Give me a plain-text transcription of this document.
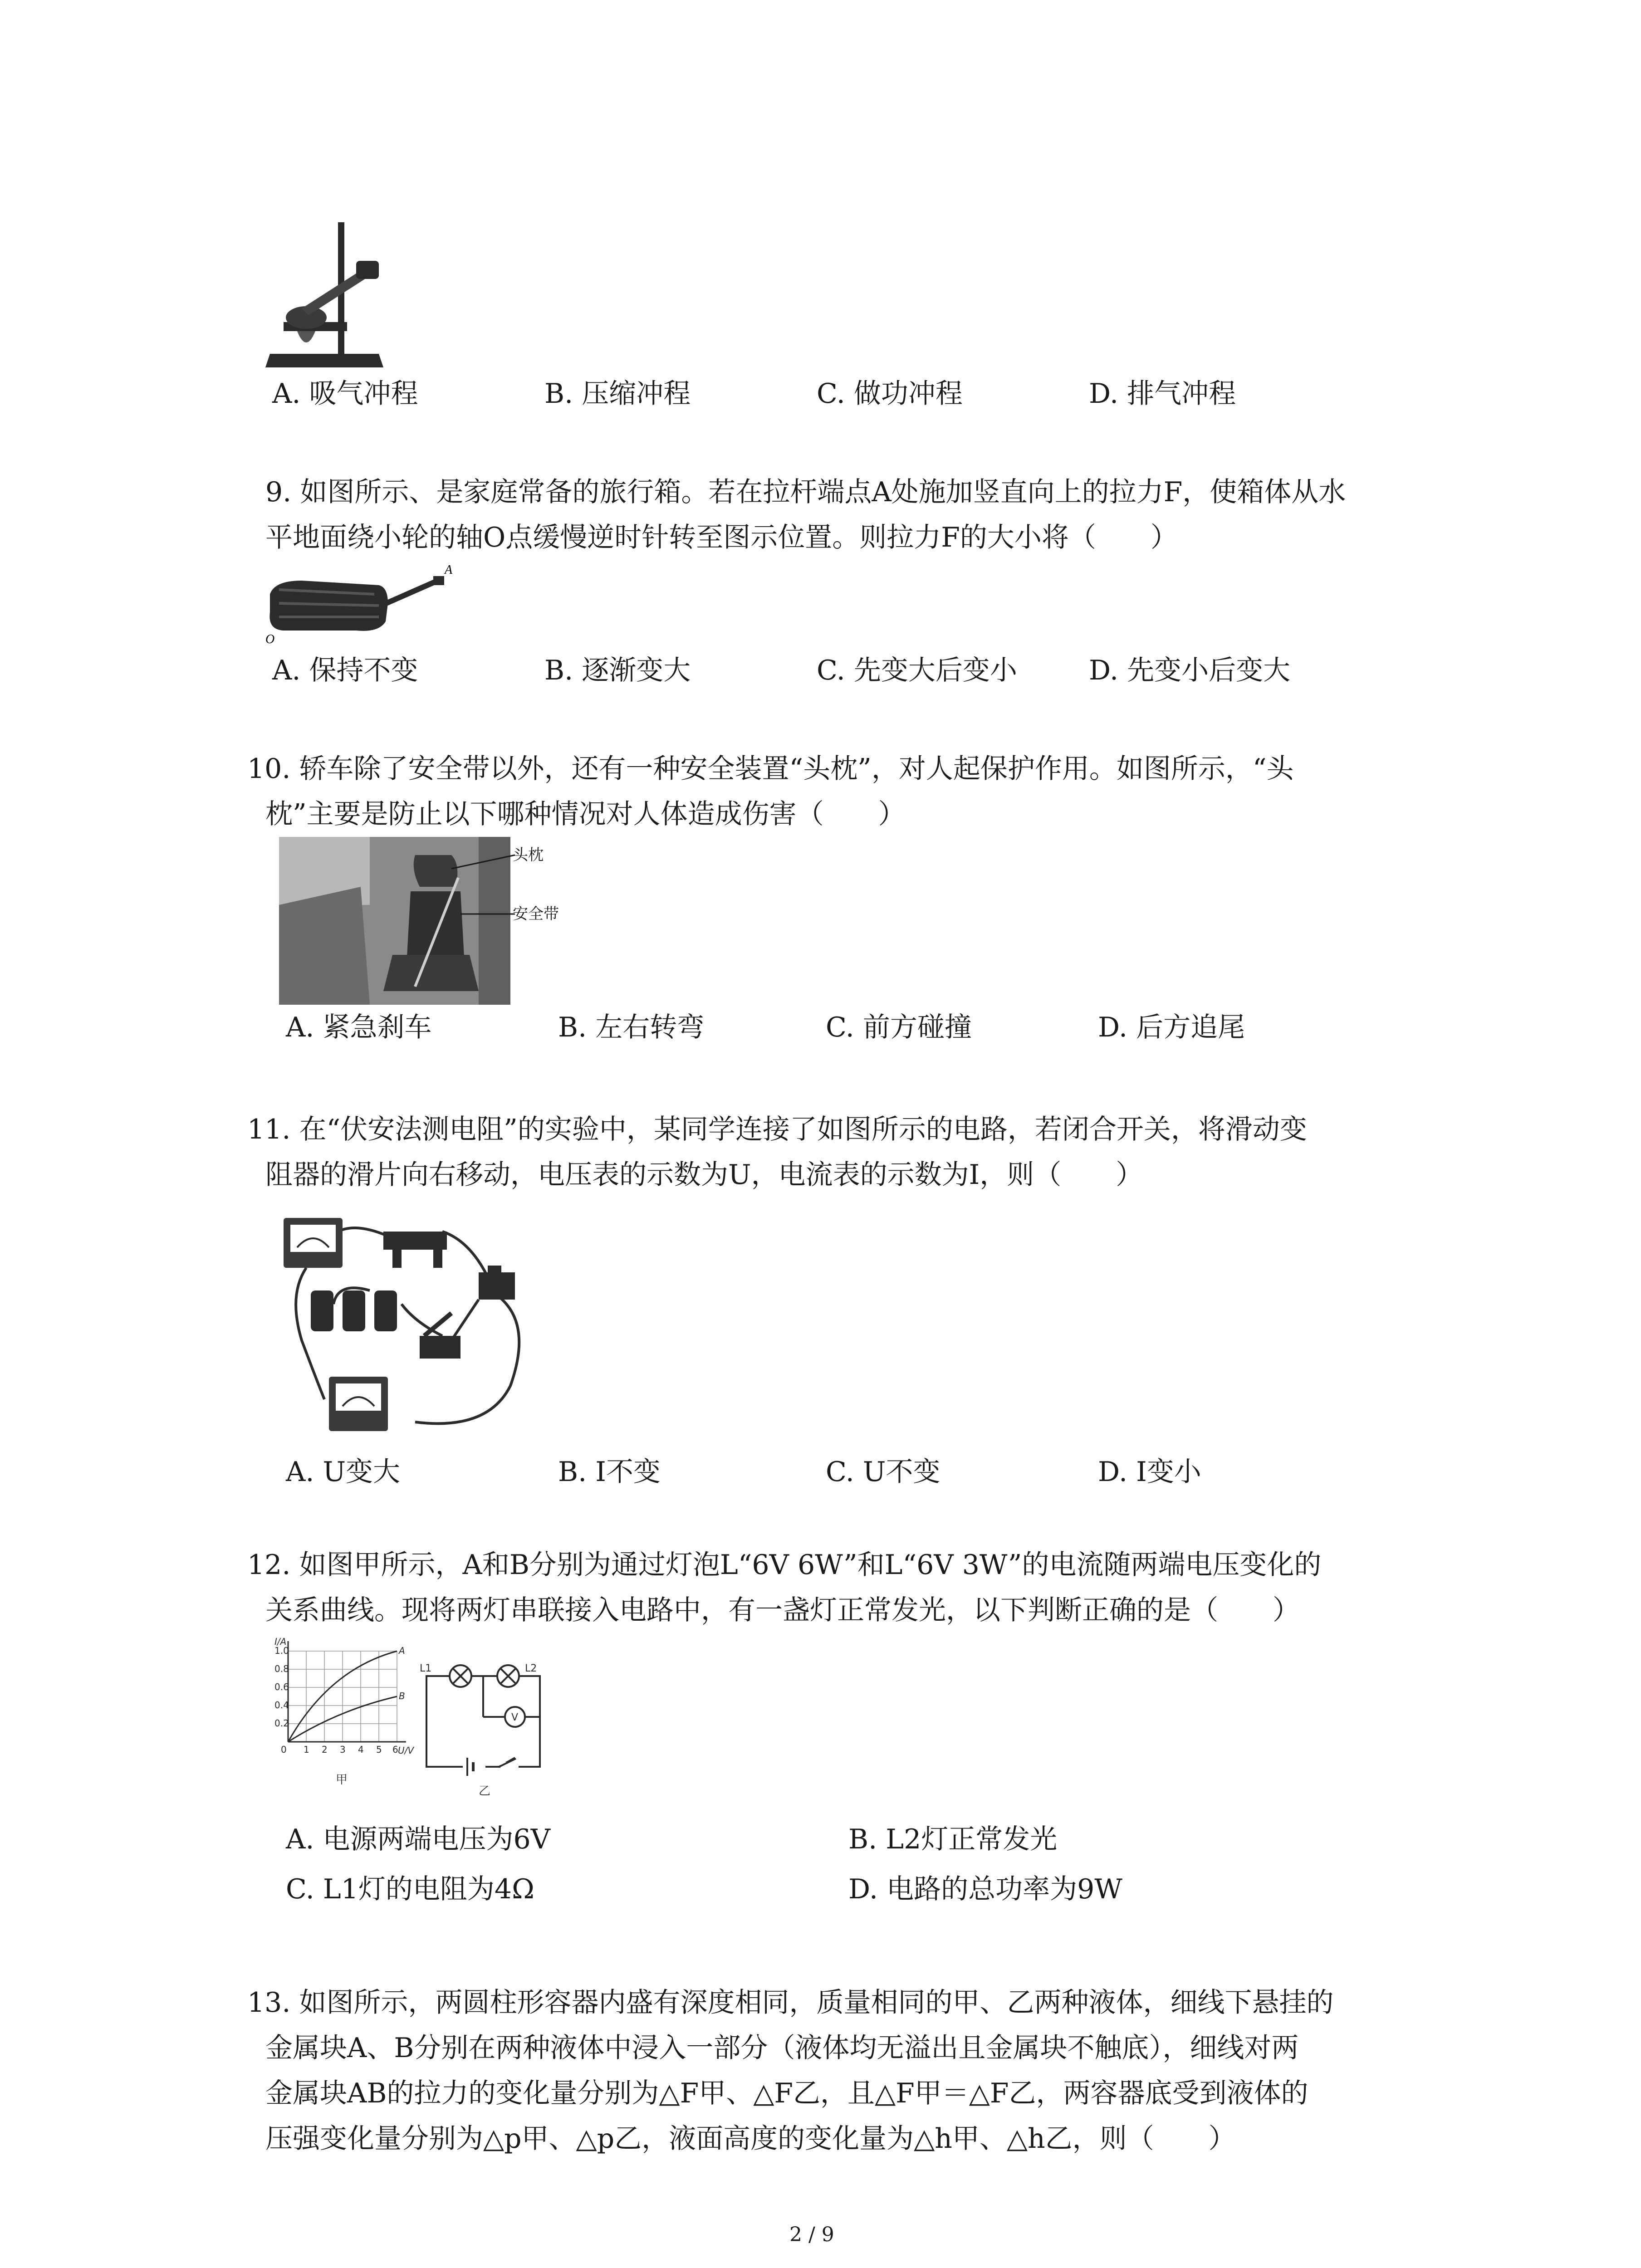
A. 吸气冲程	B. 压缩冲程	C. 做功冲程	D. 排气冲程
9. 如图所示、是家庭常备的旅行箱。若在拉杆端点A处施加竖直向上的拉力F，使箱体从水
平地面绕小轮的轴O点缓慢逆时针转至图示位置。则拉力F的大小将（　　）
A
O
A. 保持不变	B. 逐渐变大	C. 先变大后变小	D. 先变小后变大
10. 轿车除了安全带以外，还有一种安全装置“头枕”，对人起保护作用。如图所示，“头
枕”主要是防止以下哪种情况对人体造成伤害（　　）
头枕
安全带
A. 紧急刹车	B. 左右转弯	C. 前方碰撞	D. 后方追尾
11. 在“伏安法测电阻”的实验中，某同学连接了如图所示的电路，若闭合开关，将滑动变
阻器的滑片向右移动，电压表的示数为U，电流表的示数为I，则（　　）
A. U变大	B. I不变	C. U不变	D. I变小
12. 如图甲所示，A和B分别为通过灯泡L“6V 6W”和L“6V 3W”的电流随两端电压变化的
关系曲线。现将两灯串联接入电路中，有一盏灯正常发光，以下判断正确的是（　　）
1.0
0.8
0.6
0.4
0.2
0 1 2 3 4 5 6
I/A
U/V
A
B
甲
L1	L2
V
乙
A. 电源两端电压为6V	B. L2灯正常发光
C. L1灯的电阻为4Ω	D. 电路的总功率为9W
13. 如图所示，两圆柱形容器内盛有深度相同，质量相同的甲、乙两种液体，细线下悬挂的
金属块A、B分别在两种液体中浸入一部分（液体均无溢出且金属块不触底），细线对两
金属块AB的拉力的变化量分别为△F甲、△F乙，且△F甲＝△F乙，两容器底受到液体的
压强变化量分别为△p甲、△p乙，液面高度的变化量为△h甲、△h乙，则（　　）
2 / 9
